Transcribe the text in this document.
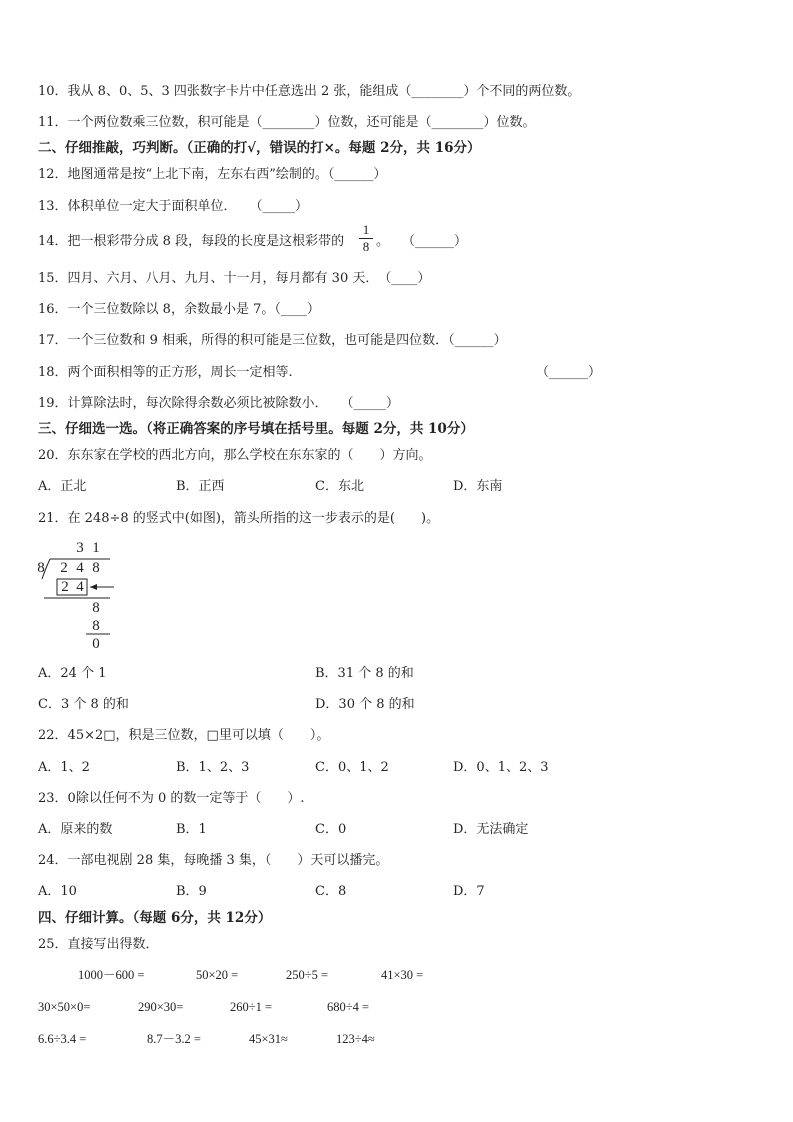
10．我从 8、0、5、3 四张数字卡片中任意选出 2 张，能组成（________）个不同的两位数。
11．一个两位数乘三位数，积可能是（________）位数，还可能是（________）位数。
二、仔细推敲，巧判断。（正确的打√，错误的打×。每题 2分，共 16分）
12．地图通常是按“上北下南，左东右西”绘制的。（______）
13．体积单位一定大于面积单位．　　（_____）
14．把一根彩带分成 8 段，每段的长度是这根彩带的
1
8 。　　（______）
15．四月、六月、八月、九月、十一月，每月都有 30 天．　（____）
16．一个三位数除以 8，余数最小是 7。（____）
17．一个三位数和 9 相乘，所得的积可能是三位数，也可能是四位数．（______）
18．两个面积相等的正方形，周长一定相等.	（______）
19．计算除法时，每次除得余数必须比被除数小．　　（_____）
三、仔细选一选。（将正确答案的序号填在括号里。每题 2分，共 10分）
20．东东家在学校的西北方向，那么学校在东东家的（　　）方向。
A．正北	B．正西	C．东北	D．东南
21．在 248÷8 的竖式中(如图)，箭头所指的这一步表示的是(　　)。
3 1
8 2 4 8
2 4
8
8
0
A．24 个 1	B．31 个 8 的和
C．3 个 8 的和	D．30 个 8 的和
22．45×2□，积是三位数，□里可以填（　　）。
A．1、2	B．1、2、3	C．0、1、2	D．0、1、2、3
23．0除以任何不为 0 的数一定等于（　　）.
A．原来的数	B．1	C．0	D．无法确定
24．一部电视剧 28 集，每晚播 3 集，（　　）天可以播完。
A．10	B．9	C．8	D．7
四、仔细计算。（每题 6分，共 12分）
25．直接写出得数．
1000－600 =	50×20 =	250÷5 =	41×30 =
30×50×0=	290×30=	260÷1 =	680÷4 =
6.6÷3.4 =	8.7－3.2 =	45×31≈	123÷4≈
